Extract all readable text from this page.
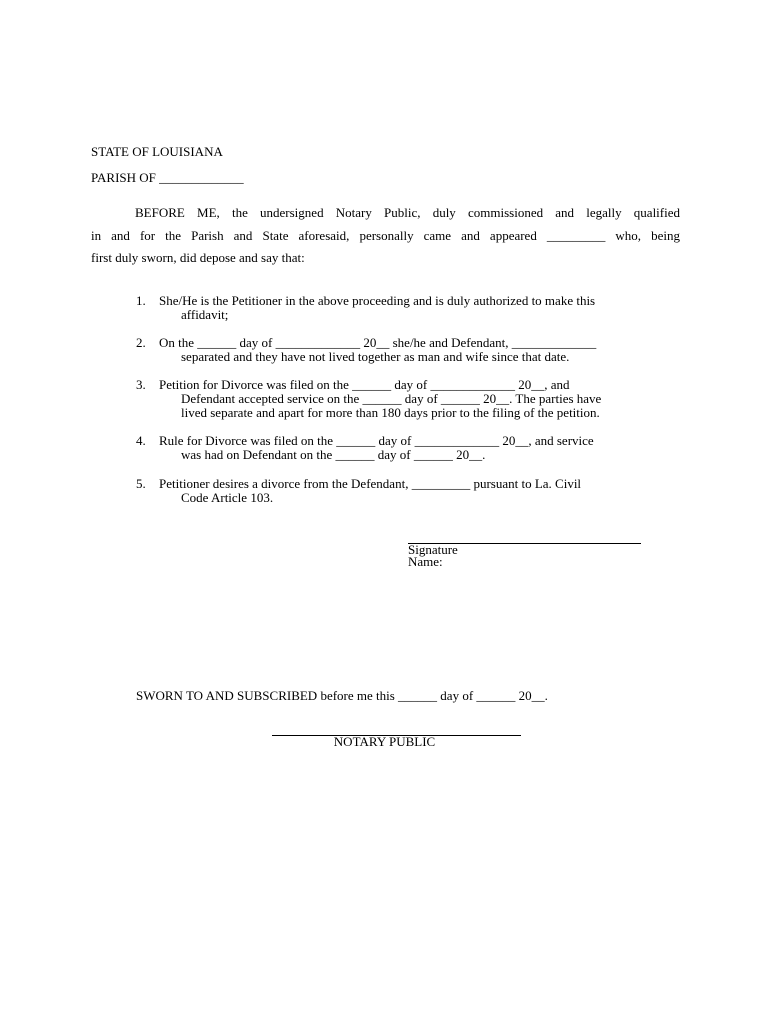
STATE OF LOUISIANA
PARISH OF _____________
BEFORE ME, the undersigned Notary Public, duly commissioned and legally qualified
in and for the Parish and State aforesaid, personally came and appeared _________ who, being
first duly sworn, did depose and say that:
1.	She/He is the Petitioner in the above proceeding and is duly authorized to make this
affidavit;
2.	On the ______ day of _____________ 20__ she/he and Defendant, _____________
separated and they have not lived together as man and wife since that date.
3.	Petition for Divorce was filed on the ______ day of _____________ 20__, and
Defendant accepted service on the ______ day of ______ 20__. The parties have
lived separate and apart for more than 180 days prior to the filing of the petition.
4.	Rule for Divorce was filed on the ______ day of _____________ 20__, and service
was had on Defendant on the ______ day of ______ 20__.
5.	Petitioner desires a divorce from the Defendant, _________ pursuant to La. Civil
Code Article 103.
Signature
Name:
SWORN TO AND SUBSCRIBED before me this ______ day of ______ 20__.
NOTARY PUBLIC
